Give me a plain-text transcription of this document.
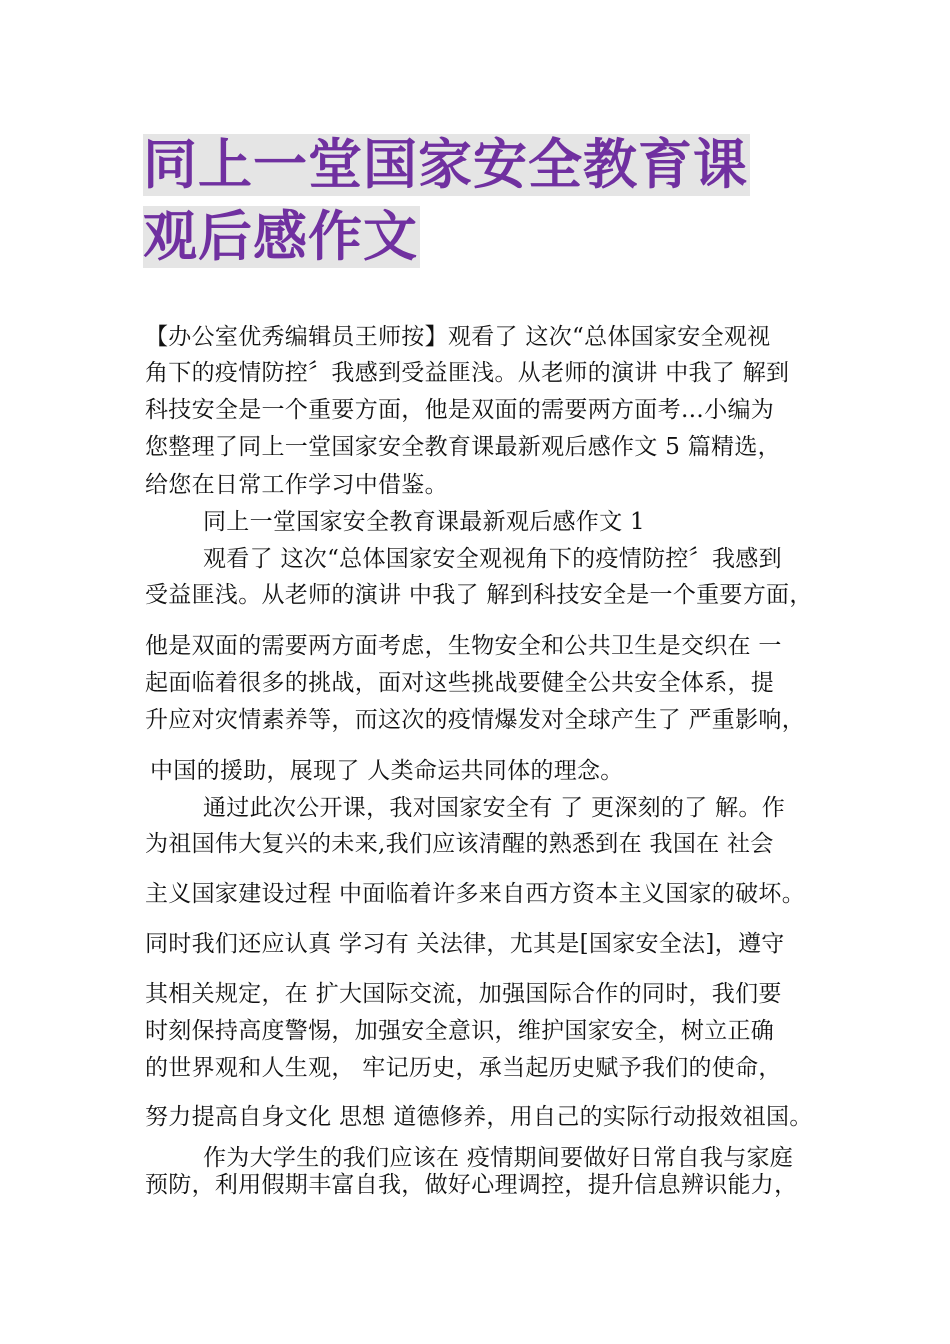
同上一堂国家安全教育课
观后感作文
【办公室优秀编辑员王师按】观看了 这次“总体国家安全观视
角下的疫情防控〞我感到受益匪浅。从老师的演讲 中我了 解到
科技安全是一个重要方面，他是双面的需要两方面考…小编为
您整理了同上一堂国家安全教育课最新观后感作文 5 篇精选，
给您在日常工作学习中借鉴。
同上一堂国家安全教育课最新观后感作文 1
观看了 这次“总体国家安全观视角下的疫情防控〞我感到
受益匪浅。从老师的演讲 中我了 解到科技安全是一个重要方面，
他是双面的需要两方面考虑，生物安全和公共卫生是交织在 一
起面临着很多的挑战，面对这些挑战要健全公共安全体系，提
升应对灾情素养等，而这次的疫情爆发对全球产生了 严重影响，
中国的援助，展现了 人类命运共同体的理念。
通过此次公开课，我对国家安全有 了 更深刻的了 解。作
为祖国伟大复兴的未来,我们应该清醒的熟悉到在 我国在 社会
主义国家建设过程 中面临着许多来自西方资本主义国家的破坏。
同时我们还应认真 学习有 关法律，尤其是[国家安全法]，遵守
其相关规定，在 扩大国际交流，加强国际合作的同时，我们要
时刻保持高度警惕，加强安全意识，维护国家安全，树立正确
的世界观和人生观， 牢记历史，承当起历史赋予我们的使命，
努力提高自身文化 思想 道德修养，用自己的实际行动报效祖国。
作为大学生的我们应该在 疫情期间要做好日常自我与家庭
预防，利用假期丰富自我，做好心理调控，提升信息辨识能力，
